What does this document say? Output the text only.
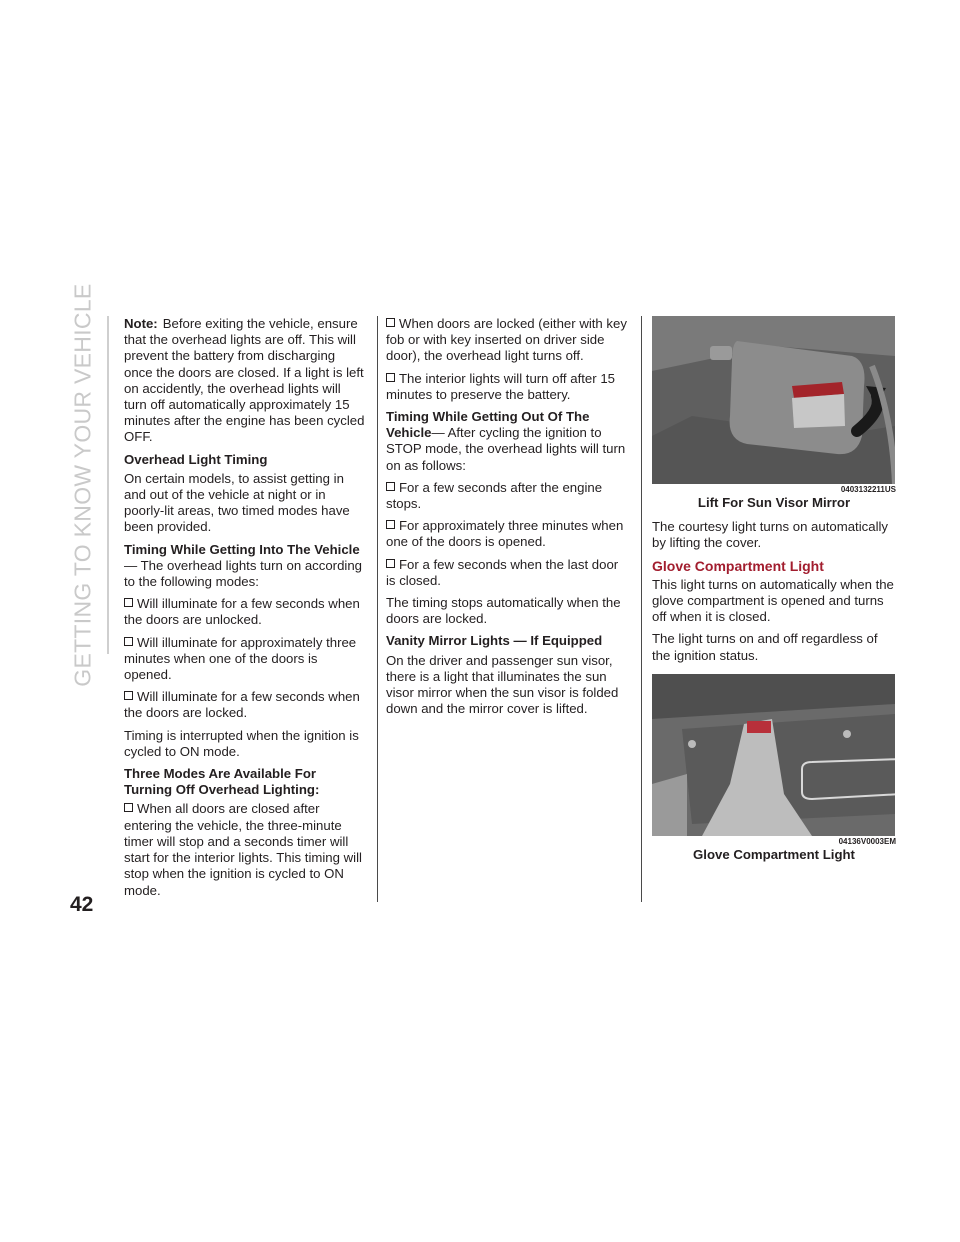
GETTING TO KNOW YOUR VEHICLE Note: Before exiting the vehicle, ensure that the overhead lights are off. This will prevent the battery from discharging once the doors are closed. If a light is left on accidently, the overhead lights will turn off automatically approximately 15 minutes after the engine has been cycled OFF.

Overhead Light Timing

On certain models, to assist getting in and out of the vehicle at night or in poorly-lit areas, two timed modes have been provided.

Timing While Getting Into The Vehicle
— The overhead lights turn on according to the following modes:

Will illuminate for a few seconds when the doors are unlocked.

Will illuminate for approximately three minutes when one of the doors is opened.

Will illuminate for a few seconds when the doors are locked.

Timing is interrupted when the ignition is cycled to ON mode.

Three Modes Are Available For Turning Off Overhead Lighting:

When all doors are closed after entering the vehicle, the three-minute timer will stop and a seconds timer will start for the interior lights. This timing will stop when the ignition is cycled to ON mode.

When doors are locked (either with key fob or with key inserted on driver side door), the overhead light turns off.

The interior lights will turn off after 15 minutes to preserve the battery.

Timing While Getting Out Of The Vehicle— After cycling the ignition to STOP mode, the overhead lights will turn on as follows:

For a few seconds after the engine stops.

For approximately three minutes when one of the doors is opened.

For a few seconds when the last door is closed.

The timing stops automatically when the doors are locked.

Vanity Mirror Lights — If Equipped

On the driver and passenger sun visor, there is a light that illuminates the sun visor mirror when the sun visor is folded down and the mirror cover is lifted.

0403132211US

Lift For Sun Visor Mirror

The courtesy light turns on automatically by lifting the cover.

Glove Compartment Light

This light turns on automatically when the glove compartment is opened and turns off when it is closed.

The light turns on and off regardless of the ignition status.

04136V0003EM

Glove Compartment Light

42
